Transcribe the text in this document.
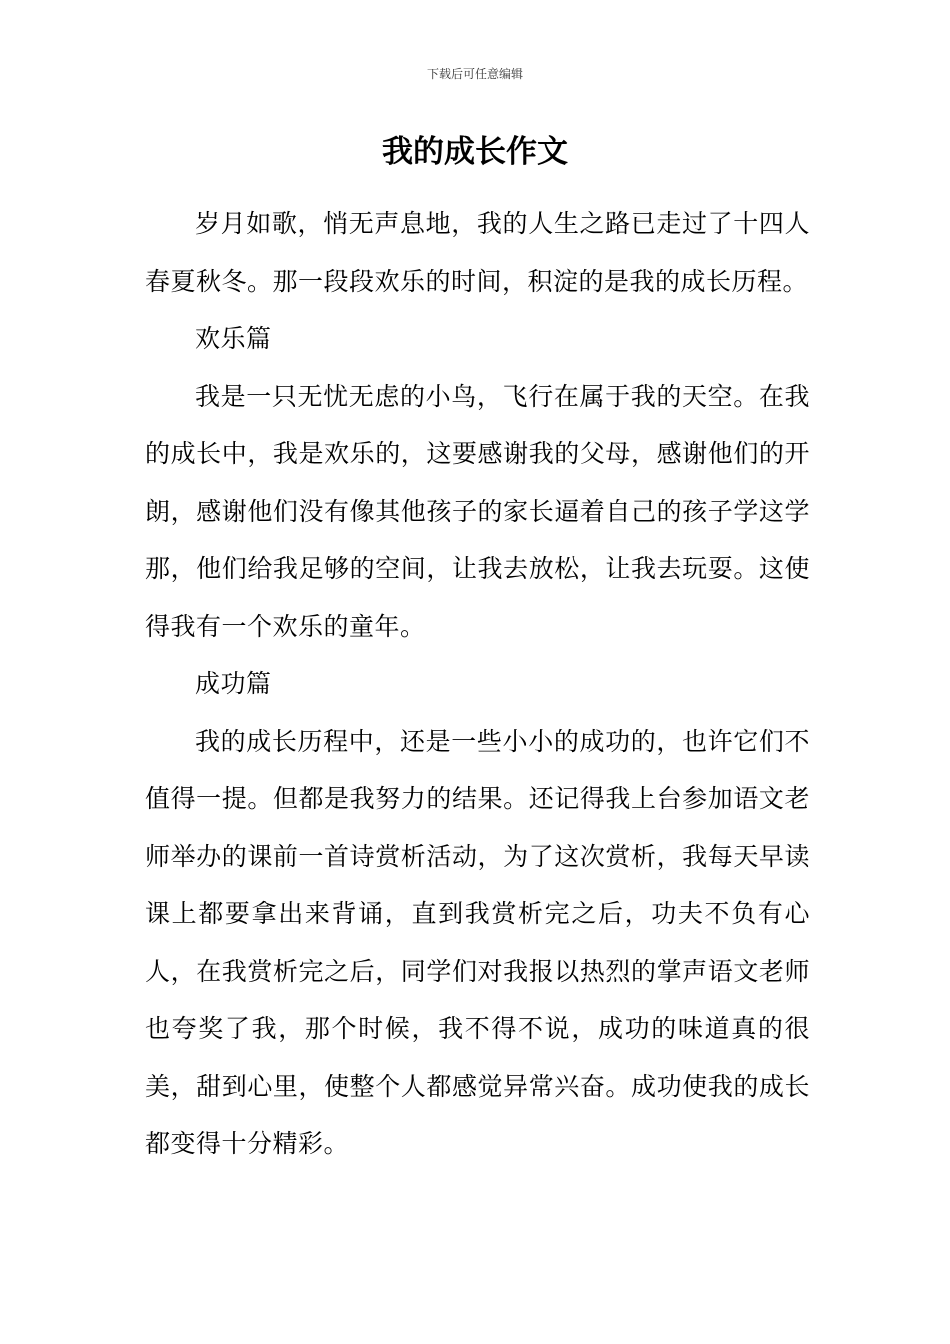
下载后可任意编辑
我的成长作文

岁月如歌，悄无声息地，我的人生之路已走过了十四人春夏秋冬。那一段段欢乐的时间，积淀的是我的成长历程。

欢乐篇

我是一只无忧无虑的小鸟，飞行在属于我的天空。在我的成长中，我是欢乐的，这要感谢我的父母，感谢他们的开朗，感谢他们没有像其他孩子的家长逼着自己的孩子学这学那，他们给我足够的空间，让我去放松，让我去玩耍。这使得我有一个欢乐的童年。

成功篇

我的成长历程中，还是一些小小的成功的，也许它们不值得一提。但都是我努力的结果。还记得我上台参加语文老师举办的课前一首诗赏析活动，为了这次赏析，我每天早读课上都要拿出来背诵，直到我赏析完之后，功夫不负有心人，在我赏析完之后，同学们对我报以热烈的掌声语文老师也夸奖了我，那个时候，我不得不说，成功的味道真的很美，甜到心里，使整个人都感觉异常兴奋。成功使我的成长都变得十分精彩。
